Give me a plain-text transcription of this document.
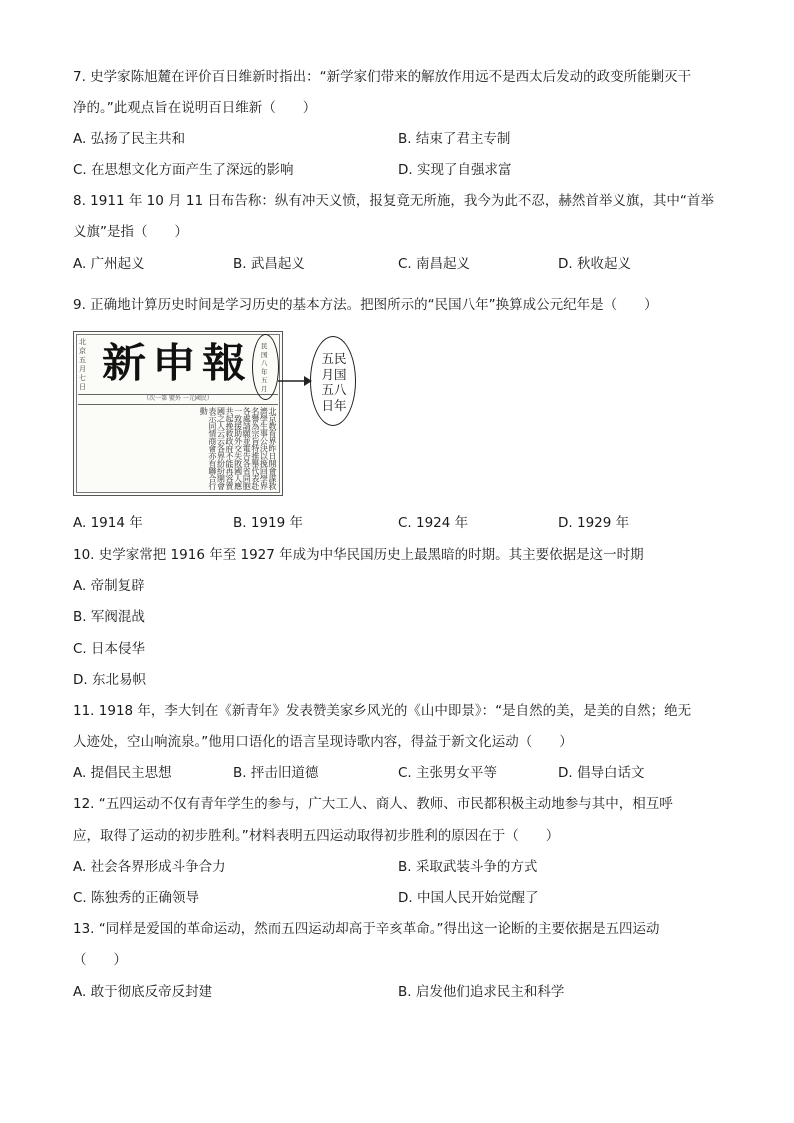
7. 史学家陈旭麓在评价百日维新时指出：“新学家们带来的解放作用远不是西太后发动的政变所能剿灭干
净的。”此观点旨在说明百日维新（　　）
A. 弘扬了民主共和	B. 结束了君主专制
C. 在思想文化方面产生了深远的影响	D. 实现了自强求富
8. 1911 年 10 月 11 日布告称：纵有冲天义愤，报复竟无所施，我今为此不忍，赫然首举义旗，其中“首举
义旗”是指（　　）
A. 广州起义	B. 武昌起义	C. 南昌起义	D. 秋收起义
9. 正确地计算历史时间是学习历史的基本方法。把图所示的“民国八年”换算成公元纪年是（　　）
北京五月七日
新申報
（次一第 號外 一元國民）
北京教育界昨日開會謀救濟學生事公決以挽回學界名譽為宗旨特推舉代表赴各處請願並電告各省同胞一致援助外交失敗國人應共起挽救政府不能再容賣國之人云云各界紛紛開會表示同情商會亦有聯合行動
民国八年五月
五民
月国
五八
日年
A. 1914 年	B. 1919 年	C. 1924 年	D. 1929 年
10. 史学家常把 1916 年至 1927 年成为中华民国历史上最黑暗的时期。其主要依据是这一时期
A. 帝制复辟
B. 军阀混战
C. 日本侵华
D. 东北易帜
11. 1918 年，李大钊在《新青年》发表赞美家乡风光的《山中即景》：“是自然的美，是美的自然；绝无
人迹处，空山响流泉。”他用口语化的语言呈现诗歌内容，得益于新文化运动（　　）
A. 提倡民主思想	B. 抨击旧道德	C. 主张男女平等	D. 倡导白话文
12. “五四运动不仅有青年学生的参与，广大工人、商人、教师、市民都积极主动地参与其中，相互呼
应，取得了运动的初步胜利。”材料表明五四运动取得初步胜利的原因在于（　　）
A. 社会各界形成斗争合力	B. 采取武装斗争的方式
C. 陈独秀的正确领导	D. 中国人民开始觉醒了
13. “同样是爱国的革命运动，然而五四运动却高于辛亥革命。”得出这一论断的主要依据是五四运动
（　　）
A. 敢于彻底反帝反封建	B. 启发他们追求民主和科学
